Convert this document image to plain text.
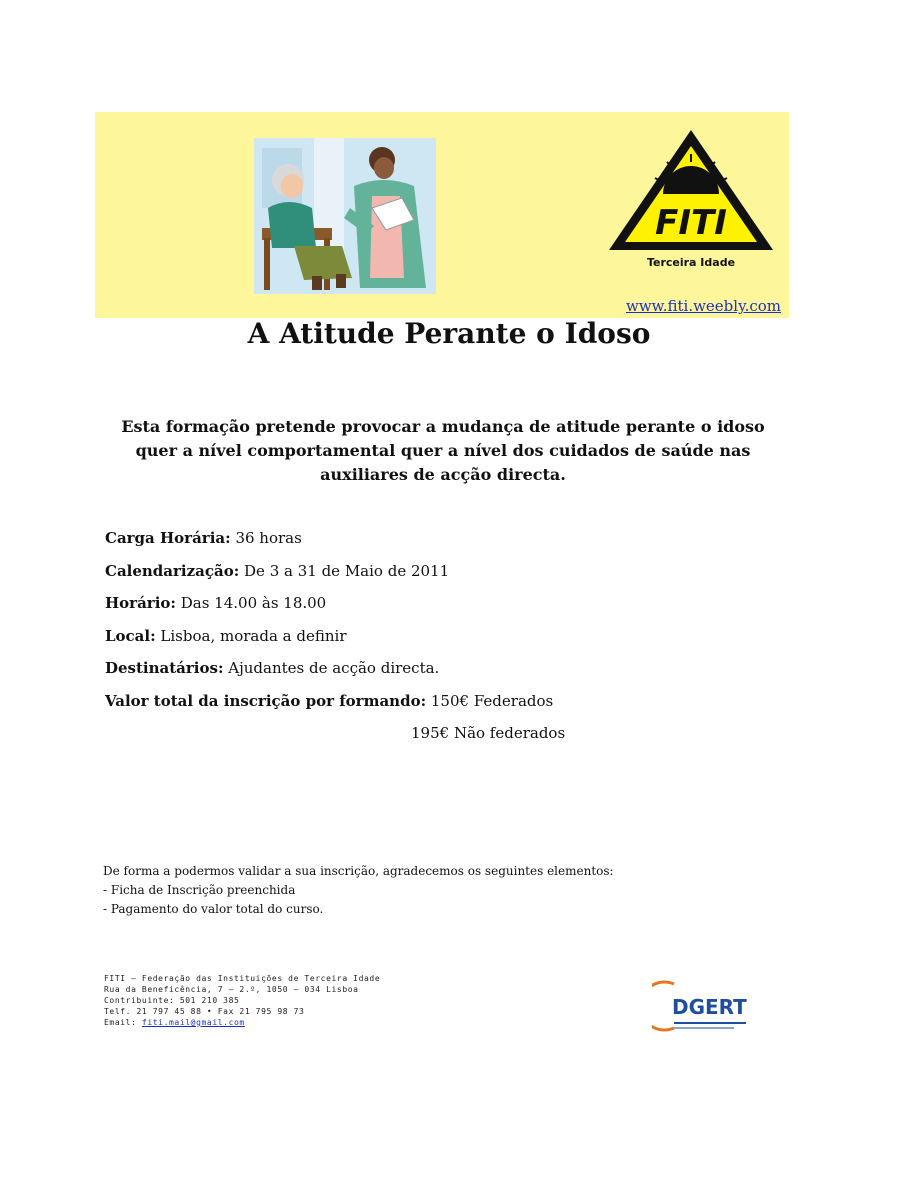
FITI
Terceira Idade
www.fiti.weebly.com
A Atitude Perante o Idoso
Esta formação pretende provocar a mudança de atitude perante o idoso quer a nível comportamental quer a nível dos cuidados de saúde nas auxiliares de acção directa.
Carga Horária: 36 horas
Calendarização: De 3 a 31 de Maio de 2011
Horário: Das 14.00 às 18.00
Local: Lisboa, morada a definir
Destinatários: Ajudantes de acção directa.
Valor total da inscrição por formando: 150€ Federados
195€ Não federados
De forma a podermos validar a sua inscrição, agradecemos os seguintes elementos:
- Ficha de Inscrição preenchida
- Pagamento do valor total do curso.
FITI – Federação das Instituições de Terceira Idade
Rua da Beneficência, 7 – 2.º, 1050 – 034 Lisboa
Contribuinte: 501 210 385
Telf. 21 797 45 88 • Fax 21 795 98 73
Email: fiti.mail@gmail.com
DGERT
